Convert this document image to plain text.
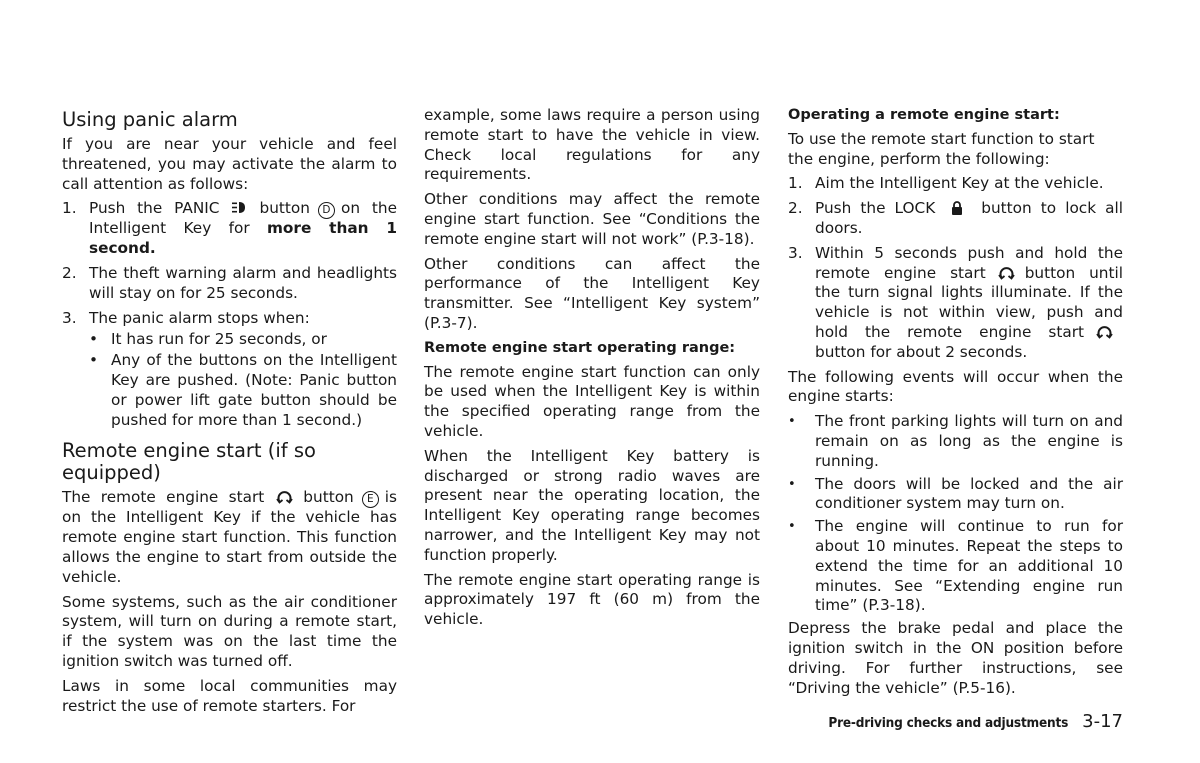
Using panic alarm

If you are near your vehicle and feel threatened, you may activate the alarm to call attention as follows:

1. Push the PANIC	button D on the Intelligent Key for more than 1 second.
2. The theft warning alarm and headlights will stay on for 25 seconds.
3. The panic alarm stops when:
• It has run for 25 seconds, or
• Any of the buttons on the Intelligent Key are pushed. (Note: Panic button or power lift gate button should be pushed for more than 1 second.)
Remote engine start (if so equipped)

The remote engine start	button E is on the Intelligent Key if the vehicle has remote engine start function. This function allows the engine to start from outside the vehicle.

Some systems, such as the air conditioner system, will turn on during a remote start, if the system was on the last time the ignition switch was turned off.

Laws in some local communities may restrict the use of remote starters. For

example, some laws require a person using remote start to have the vehicle in view. Check local regulations for any requirements.

Other conditions may affect the remote engine start function. See “Conditions the remote engine start will not work” (P.3-18).

Other conditions can affect the performance of the Intelligent Key transmitter. See “Intelligent Key system” (P.3-7).

Remote engine start operating range:

The remote engine start function can only be used when the Intelligent Key is within the specified operating range from the vehicle.

When the Intelligent Key battery is discharged or strong radio waves are present near the operating location, the Intelligent Key operating range becomes narrower, and the Intelligent Key may not function properly.

The remote engine start operating range is approximately 197 ft (60 m) from the vehicle.

Operating a remote engine start:

To use the remote start function to start the engine, perform the following:

1. Aim the Intelligent Key at the vehicle.
2. Push the LOCK	button to lock all doors.
3. Within 5 seconds push and hold the remote engine start	button until the turn signal lights illuminate. If the vehicle is not within view, push and hold the remote engine start
button for about 2 seconds.

The following events will occur when the engine starts:

• The front parking lights will turn on and remain on as long as the engine is running.
• The doors will be locked and the air conditioner system may turn on.
• The engine will continue to run for about 10 minutes. Repeat the steps to extend the time for an additional 10 minutes. See “Extending engine run time” (P.3-18).

Depress the brake pedal and place the ignition switch in the ON position before driving. For further instructions, see “Driving the vehicle” (P.5-16).

Pre-driving checks and adjustments 3-17
